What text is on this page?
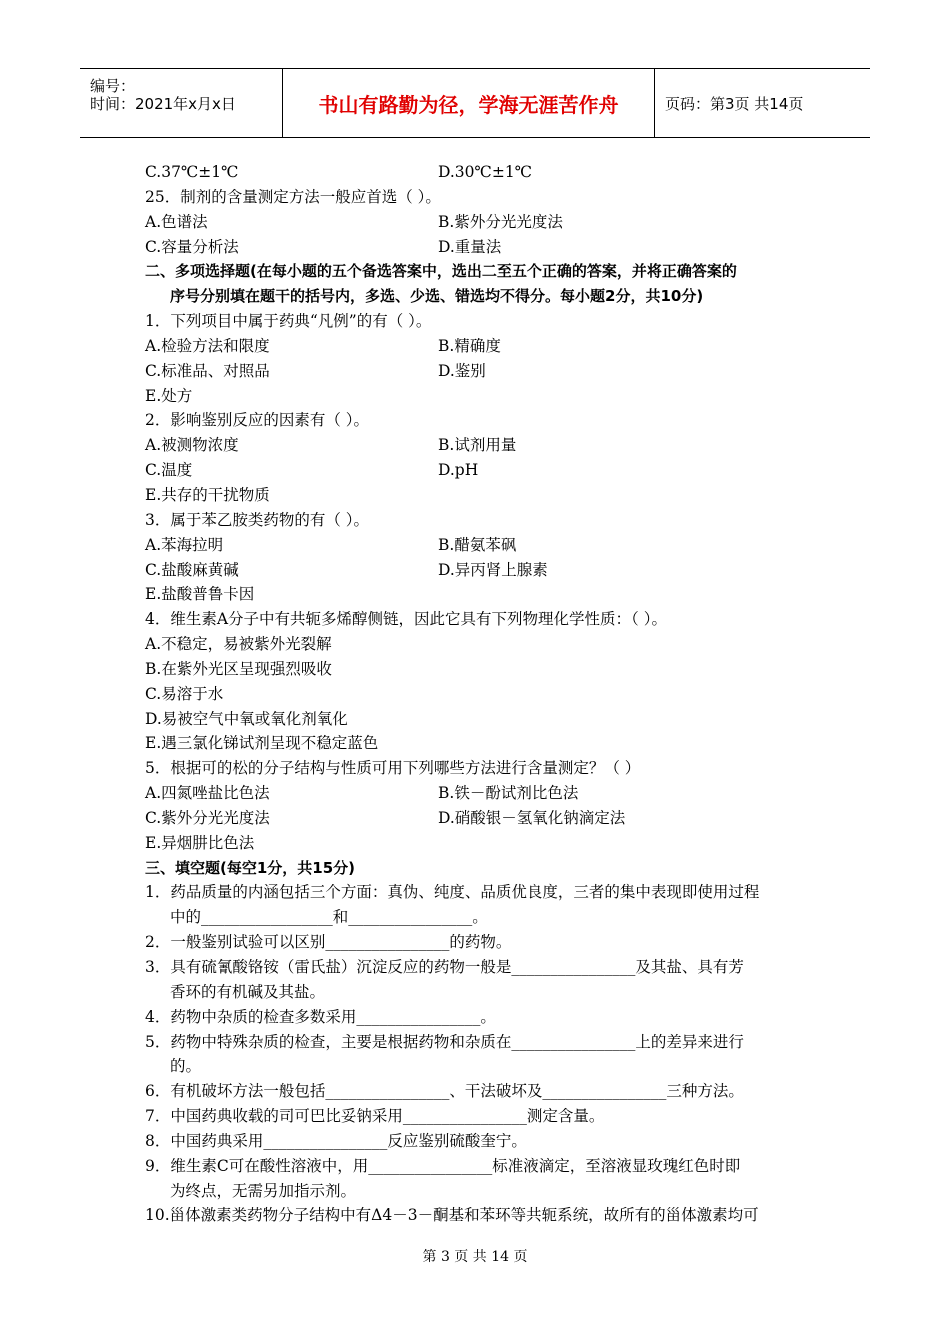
编号：
时间：2021年x月x日	书山有路勤为径，学海无涯苦作舟	页码：第3页 共14页
C.37℃±1℃	D.30℃±1℃
25．制剂的含量测定方法一般应首选（ ）。
A.色谱法	B.紫外分光光度法
C.容量分析法	D.重量法
二、多项选择题(在每小题的五个备选答案中，选出二至五个正确的答案，并将正确答案的
序号分别填在题干的括号内，多选、少选、错选均不得分。每小题2分，共10分)
1．下列项目中属于药典“凡例”的有（ ）。
A.检验方法和限度	B.精确度
C.标准品、对照品	D.鉴别
E.处方
2．影响鉴别反应的因素有（ ）。
A.被测物浓度	B.试剂用量
C.温度	D.pH
E.共存的干扰物质
3．属于苯乙胺类药物的有（ ）。
A.苯海拉明	B.醋氨苯砜
C.盐酸麻黄碱	D.异丙肾上腺素
E.盐酸普鲁卡因
4．维生素A分子中有共轭多烯醇侧链，因此它具有下列物理化学性质：（ ）。
A.不稳定，易被紫外光裂解
B.在紫外光区呈现强烈吸收
C.易溶于水
D.易被空气中氧或氧化剂氧化
E.遇三氯化锑试剂呈现不稳定蓝色
5．根据可的松的分子结构与性质可用下列哪些方法进行含量测定？（ ）
A.四氮唑盐比色法	B.铁－酚试剂比色法
C.紫外分光光度法	D.硝酸银－氢氧化钠滴定法
E.异烟肼比色法
三、填空题(每空1分，共15分)
1．药品质量的内涵包括三个方面：真伪、纯度、品质优良度，三者的集中表现即使用过程
中的_________________和________________。
2．一般鉴别试验可以区别________________的药物。
3．具有硫氰酸铬铵（雷氏盐）沉淀反应的药物一般是________________及其盐、具有芳
香环的有机碱及其盐。
4．药物中杂质的检查多数采用________________。
5．药物中特殊杂质的检查，主要是根据药物和杂质在________________上的差异来进行
的。
6．有机破坏方法一般包括________________、干法破坏及________________三种方法。
7．中国药典收载的司可巴比妥钠采用________________测定含量。
8．中国药典采用________________反应鉴别硫酸奎宁。
9．维生素C可在酸性溶液中，用________________标准液滴定，至溶液显玫瑰红色时即
为终点，无需另加指示剂。
10.甾体激素类药物分子结构中有Δ4－3－酮基和苯环等共轭系统，故所有的甾体激素均可
第 3 页 共 14 页
